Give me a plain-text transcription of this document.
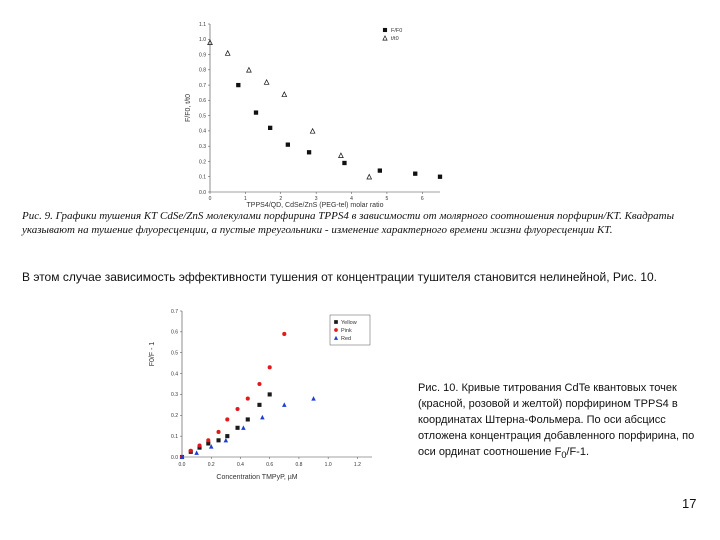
0.0
0.1
0.2
0.3
0.4
0.5
0.6
0.7
0.8
0.9
1.0
1.1
0	1	2	3	4	5	6
TPPS4/QD, CdSe/ZnS (PEG-tel) molar ratio
F/F0, t/t0
F/F0
t/t0
Рис. 9. Графики тушения КТ CdSe/ZnS молекулами порфирина TPPS4 в зависимости от молярного соотношения порфирин/КТ. Квадраты указывают на тушение флуоресценции, а пустые треугольники - изменение характерного времени жизни флуоресценции КТ.
В этом случае зависимость эффективности тушения от концентрации тушителя становится нелинейной, Рис. 10.
0.0
0.1
0.2
0.3
0.4
0.5
0.6
0.7
0.0	0.2	0.4	0.6	0.8	1.0	1.2
Concentration TMPyP, µM
F0/F - 1
Yellow
Pink
Red
Рис. 10. Кривые титрования CdTe квантовых точек (красной, розовой и желтой) порфирином TPPS4 в координатах Штерна-Фольмера. По оси абсцисс отложена концентрация добавленного порфирина, по оси ординат соотношение $F_0/F-1$.
17
